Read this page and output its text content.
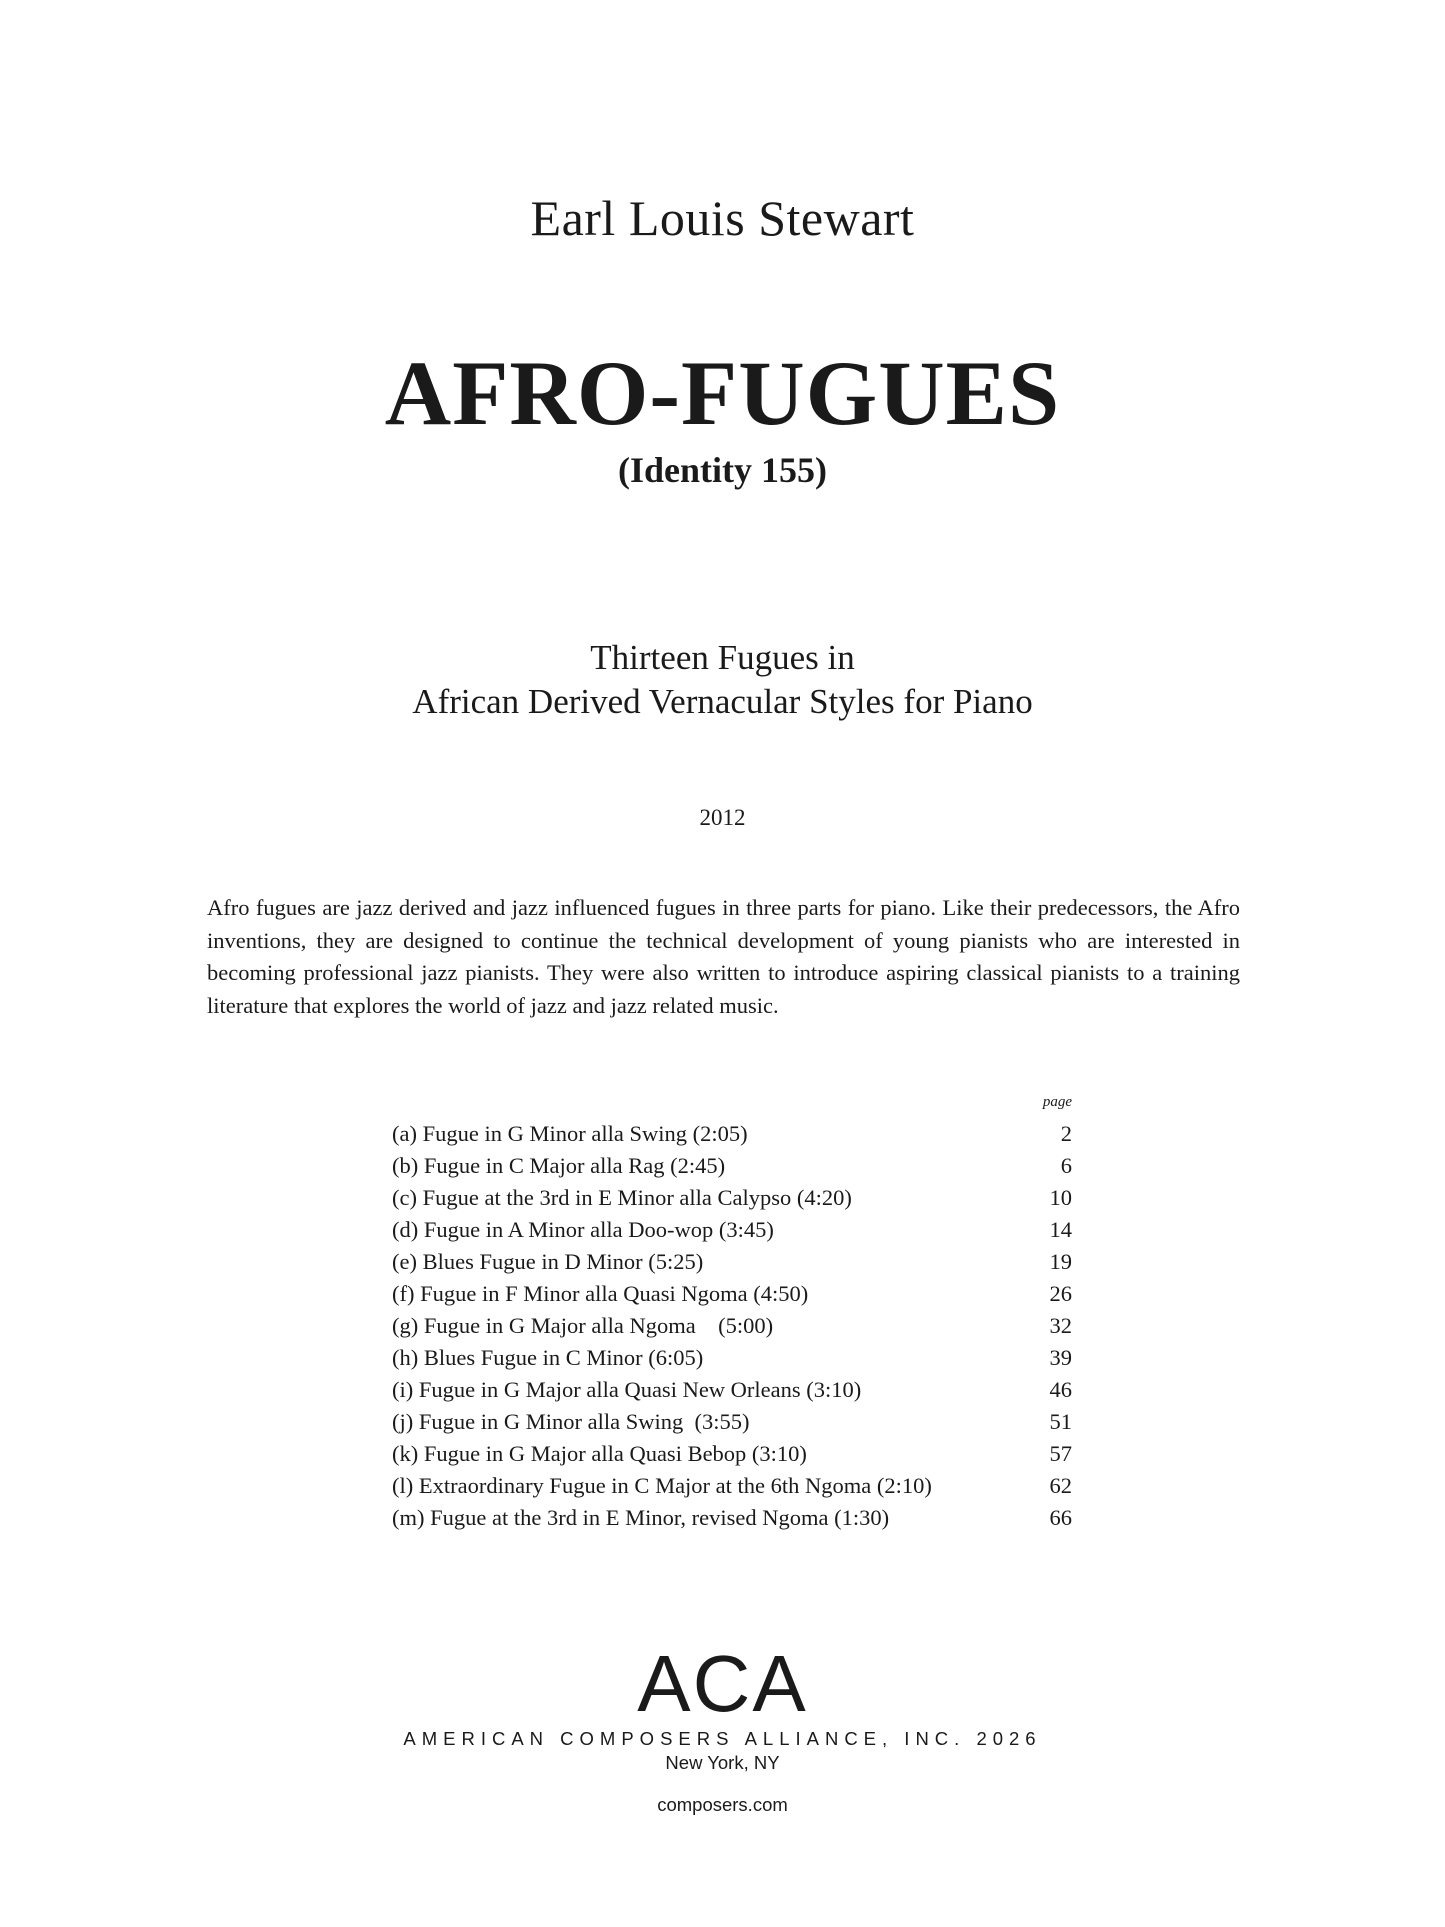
Earl Louis Stewart
AFRO-FUGUES
(Identity 155)
Thirteen Fugues in
African Derived Vernacular Styles for Piano
2012

Afro fugues are jazz derived and jazz influenced fugues in three parts for piano. Like their predecessors, the Afro inventions, they are designed to continue the technical development of young pianists who are interested in becoming professional jazz pianists. They were also written to introduce aspiring classical pianists to a training literature that explores the world of jazz and jazz related music.

page
(a) Fugue in G Minor alla Swing (2:05)	2
(b) Fugue in C Major alla Rag (2:45)	6
(c) Fugue at the 3rd in E Minor alla Calypso (4:20)	10
(d) Fugue in A Minor alla Doo-wop (3:45)	14
(e) Blues Fugue in D Minor (5:25)	19
(f) Fugue in F Minor alla Quasi Ngoma (4:50)	26
(g) Fugue in G Major alla Ngoma    (5:00)	32
(h) Blues Fugue in C Minor (6:05)	39
(i) Fugue in G Major alla Quasi New Orleans (3:10)	46
(j) Fugue in G Minor alla Swing  (3:55)	51
(k) Fugue in G Major alla Quasi Bebop (3:10)	57
(l) Extraordinary Fugue in C Major at the 6th Ngoma (2:10)	62
(m) Fugue at the 3rd in E Minor, revised Ngoma (1:30)	66
ACA
AMERICAN COMPOSERS ALLIANCE, INC. 2026
New York, NY
composers.com
